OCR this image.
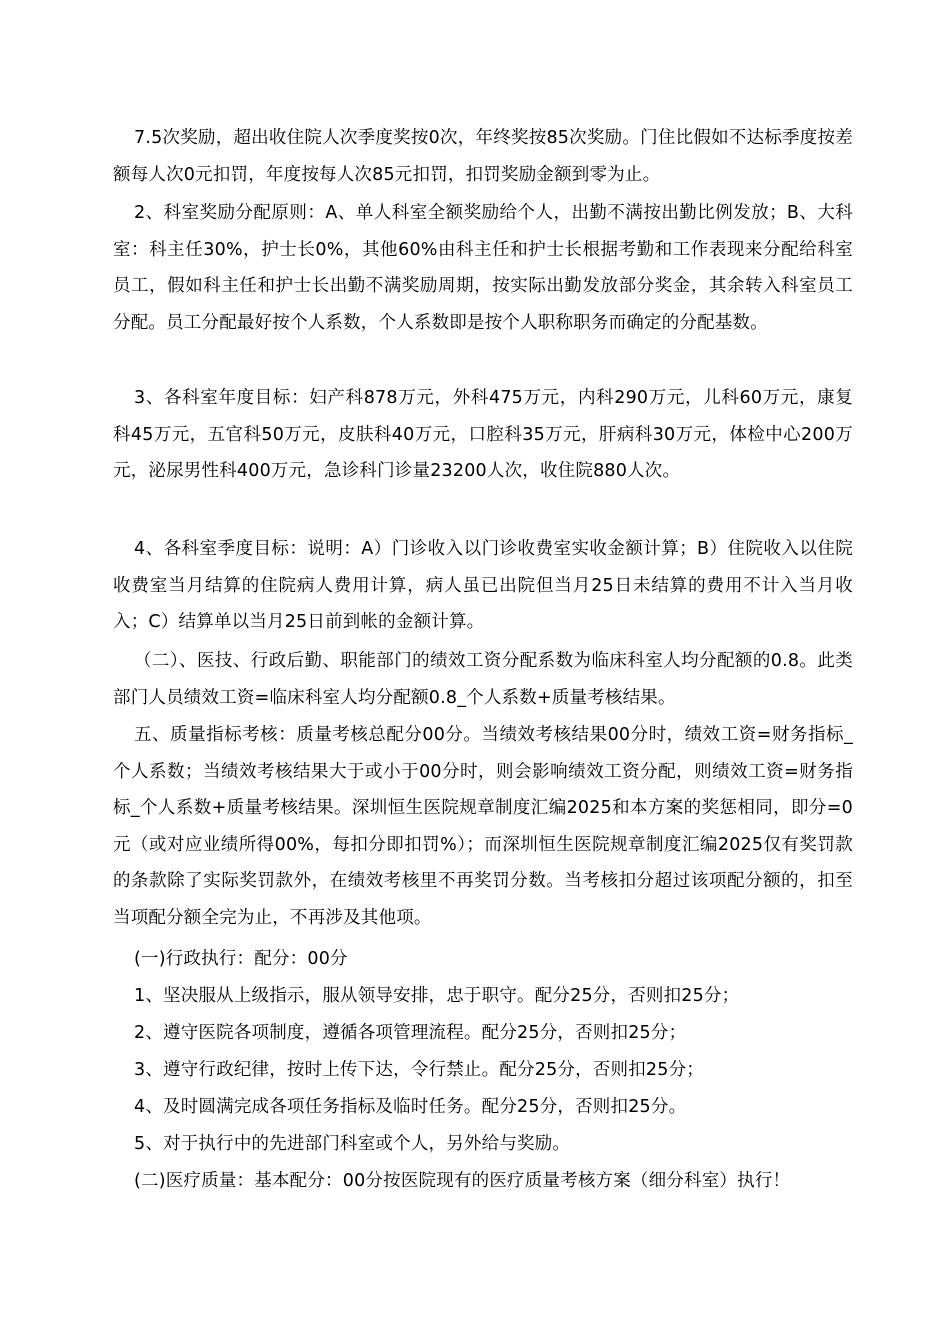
7.5次奖励，超出收住院人次季度奖按0次，年终奖按85次奖励。门住比假如不达标季度按差额每人次0元扣罚，年度按每人次85元扣罚，扣罚奖励金额到零为止。

2、科室奖励分配原则：A、单人科室全额奖励给个人，出勤不满按出勤比例发放；B、大科室：科主任30%，护士长0%，其他60%由科主任和护士长根据考勤和工作表现来分配给科室员工，假如科主任和护士长出勤不满奖励周期，按实际出勤发放部分奖金，其余转入科室员工分配。员工分配最好按个人系数，个人系数即是按个人职称职务而确定的分配基数。

3、各科室年度目标：妇产科878万元，外科475万元，内科290万元，儿科60万元，康复科45万元，五官科50万元，皮肤科40万元，口腔科35万元，肝病科30万元，体检中心200万元，泌尿男性科400万元，急诊科门诊量23200人次，收住院880人次。

4、各科室季度目标：说明：A）门诊收入以门诊收费室实收金额计算；B）住院收入以住院收费室当月结算的住院病人费用计算，病人虽已出院但当月25日未结算的费用不计入当月收入；C）结算单以当月25日前到帐的金额计算。

（二）、医技、行政后勤、职能部门的绩效工资分配系数为临床科室人均分配额的0.8。此类部门人员绩效工资=临床科室人均分配额0.8_个人系数+质量考核结果。

五、质量指标考核：质量考核总配分00分。当绩效考核结果00分时，绩效工资=财务指标_个人系数；当绩效考核结果大于或小于00分时，则会影响绩效工资分配，则绩效工资=财务指标_个人系数+质量考核结果。深圳恒生医院规章制度汇编2025和本方案的奖惩相同，即分=0元（或对应业绩所得00%，每扣分即扣罚%）；而深圳恒生医院规章制度汇编2025仅有奖罚款的条款除了实际奖罚款外，在绩效考核里不再奖罚分数。当考核扣分超过该项配分额的，扣至当项配分额全完为止，不再涉及其他项。

(一)行政执行：配分：00分

1、坚决服从上级指示，服从领导安排，忠于职守。配分25分，否则扣25分；

2、遵守医院各项制度，遵循各项管理流程。配分25分，否则扣25分；

3、遵守行政纪律，按时上传下达，令行禁止。配分25分，否则扣25分；

4、及时圆满完成各项任务指标及临时任务。配分25分，否则扣25分。

5、对于执行中的先进部门科室或个人，另外给与奖励。

(二)医疗质量：基本配分：00分按医院现有的医疗质量考核方案（细分科室）执行！
